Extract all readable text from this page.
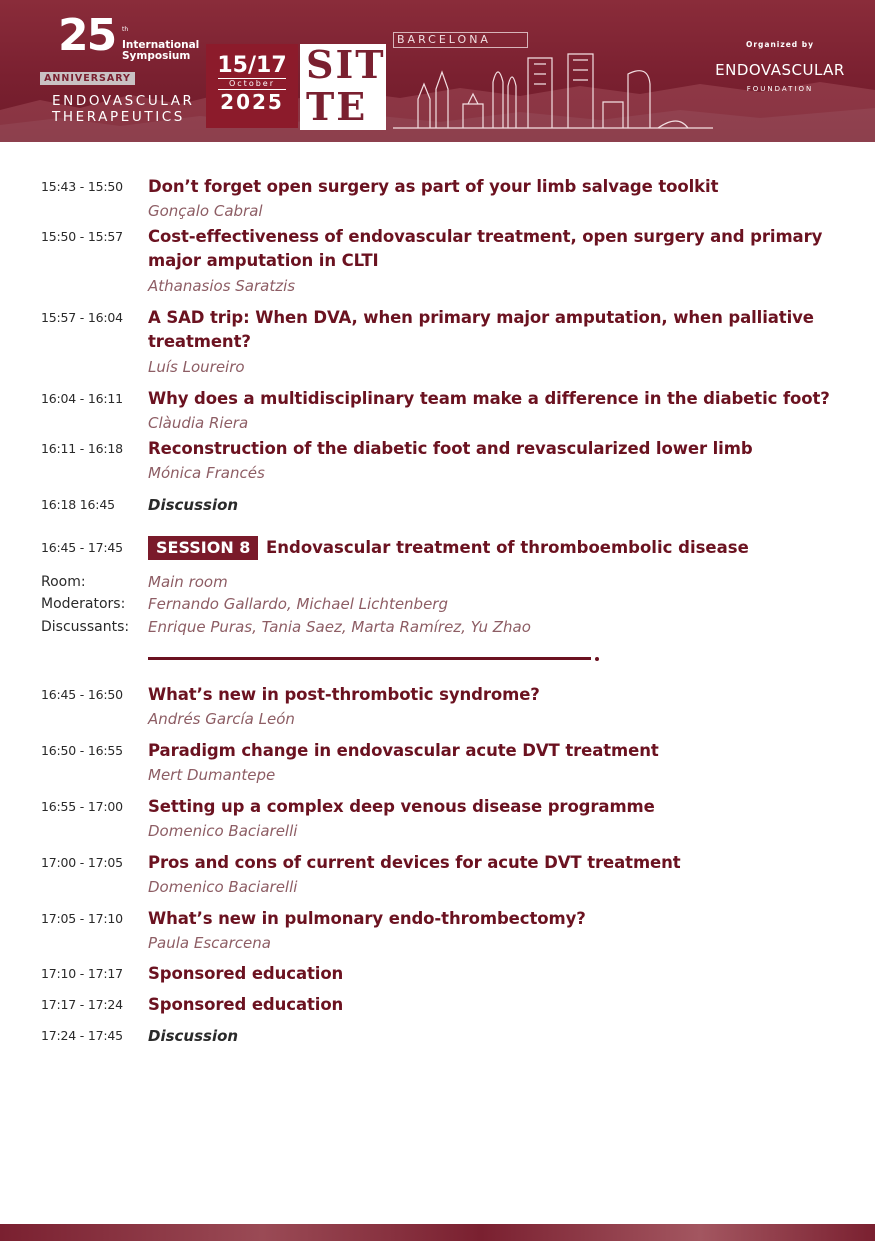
25 th
International
Symposium
ANNIVERSARY
ENDOVASCULAR
THERAPEUTICS
15/17
October
2025
SIT
TE
BARCELONA	Organized by
ENDOVASCULAR
FOUNDATION
15:43 - 15:50 Don’t forget open surgery as part of your limb salvage toolkit
Gonçalo Cabral
15:50 - 15:57 Cost-effectiveness of endovascular treatment, open surgery and primary major amputation in CLTI
Athanasios Saratzis
15:57 - 16:04 A SAD trip: When DVA, when primary major amputation, when palliative treatment?
Luís Loureiro
16:04 - 16:11 Why does a multidisciplinary team make a difference in the diabetic foot?
Clàudia Riera
16:11 - 16:18 Reconstruction of the diabetic foot and revascularized lower limb
Mónica Francés
16:18 16:45 Discussion
16:45 - 17:45	SESSION 8 Endovascular treatment of thromboembolic disease
Room:	Main room
Moderators: Fernando Gallardo, Michael Lichtenberg
Discussants: Enrique Puras, Tania Saez, Marta Ramírez, Yu Zhao
16:45 - 16:50 What’s new in post-thrombotic syndrome?
Andrés García León
16:50 - 16:55 Paradigm change in endovascular acute DVT treatment
Mert Dumantepe
16:55 - 17:00 Setting up a complex deep venous disease programme
Domenico Baciarelli
17:00 - 17:05 Pros and cons of current devices for acute DVT treatment
Domenico Baciarelli
17:05 - 17:10 What’s new in pulmonary endo-thrombectomy?
Paula Escarcena
17:10 - 17:17 Sponsored education
17:17 - 17:24 Sponsored education
17:24 - 17:45 Discussion
